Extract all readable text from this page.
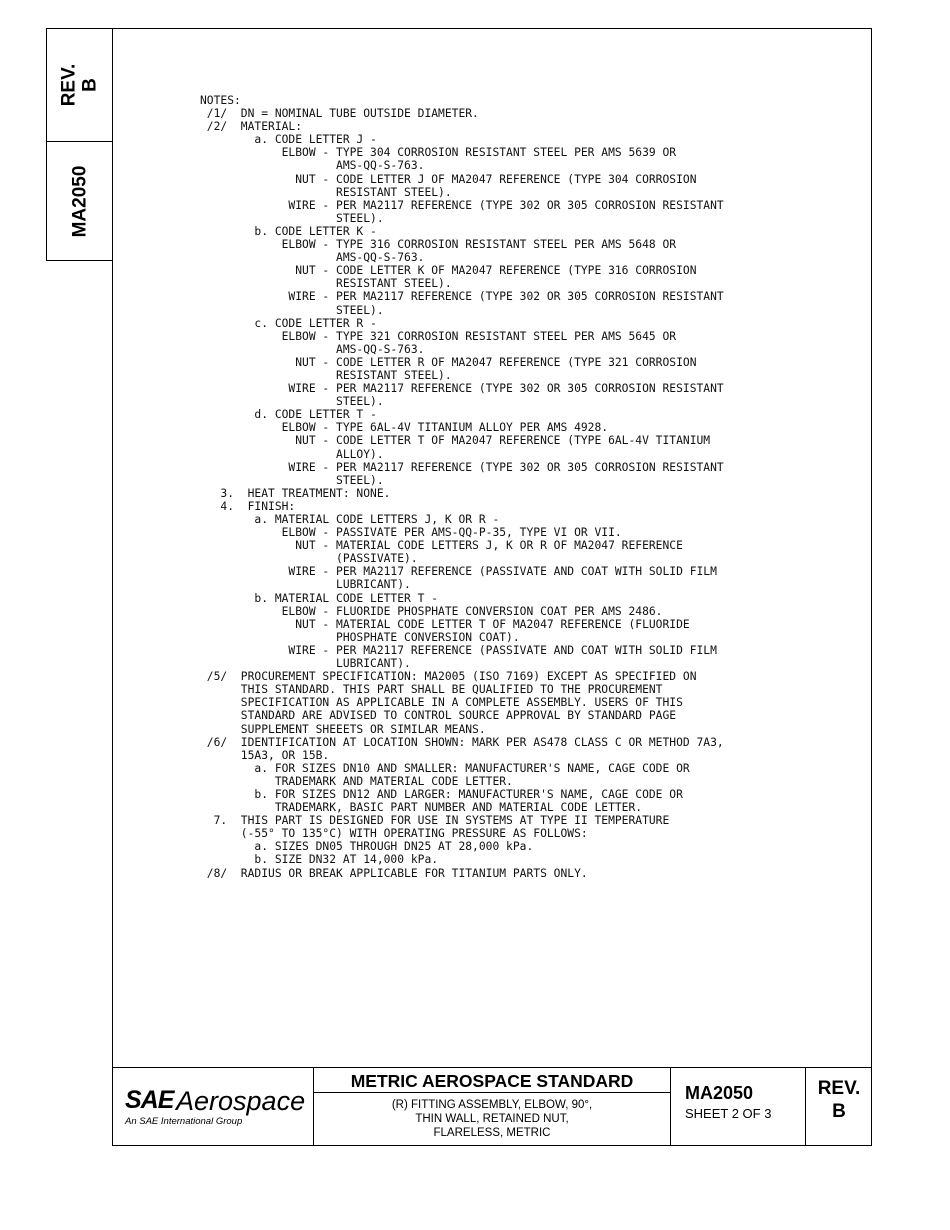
REV. B
MA2050
NOTES:
/1/  DN = NOMINAL TUBE OUTSIDE DIAMETER.
/2/  MATERIAL:
a. CODE LETTER J -
ELBOW - TYPE 304 CORROSION RESISTANT STEEL PER AMS 5639 OR
AMS-QQ-S-763.
NUT - CODE LETTER J OF MA2047 REFERENCE (TYPE 304 CORROSION
RESISTANT STEEL).
WIRE - PER MA2117 REFERENCE (TYPE 302 OR 305 CORROSION RESISTANT
STEEL).
b. CODE LETTER K -
ELBOW - TYPE 316 CORROSION RESISTANT STEEL PER AMS 5648 OR
AMS-QQ-S-763.
NUT - CODE LETTER K OF MA2047 REFERENCE (TYPE 316 CORROSION
RESISTANT STEEL).
WIRE - PER MA2117 REFERENCE (TYPE 302 OR 305 CORROSION RESISTANT
STEEL).
c. CODE LETTER R -
ELBOW - TYPE 321 CORROSION RESISTANT STEEL PER AMS 5645 OR
AMS-QQ-S-763.
NUT - CODE LETTER R OF MA2047 REFERENCE (TYPE 321 CORROSION
RESISTANT STEEL).
WIRE - PER MA2117 REFERENCE (TYPE 302 OR 305 CORROSION RESISTANT
STEEL).
d. CODE LETTER T -
ELBOW - TYPE 6AL-4V TITANIUM ALLOY PER AMS 4928.
NUT - CODE LETTER T OF MA2047 REFERENCE (TYPE 6AL-4V TITANIUM
ALLOY).
WIRE - PER MA2117 REFERENCE (TYPE 302 OR 305 CORROSION RESISTANT
STEEL).
3.  HEAT TREATMENT: NONE.
4.  FINISH:
a. MATERIAL CODE LETTERS J, K OR R -
ELBOW - PASSIVATE PER AMS-QQ-P-35, TYPE VI OR VII.
NUT - MATERIAL CODE LETTERS J, K OR R OF MA2047 REFERENCE
(PASSIVATE).
WIRE - PER MA2117 REFERENCE (PASSIVATE AND COAT WITH SOLID FILM
LUBRICANT).
b. MATERIAL CODE LETTER T -
ELBOW - FLUORIDE PHOSPHATE CONVERSION COAT PER AMS 2486.
NUT - MATERIAL CODE LETTER T OF MA2047 REFERENCE (FLUORIDE
PHOSPHATE CONVERSION COAT).
WIRE - PER MA2117 REFERENCE (PASSIVATE AND COAT WITH SOLID FILM
LUBRICANT).
/5/  PROCUREMENT SPECIFICATION: MA2005 (ISO 7169) EXCEPT AS SPECIFIED ON
THIS STANDARD. THIS PART SHALL BE QUALIFIED TO THE PROCUREMENT
SPECIFICATION AS APPLICABLE IN A COMPLETE ASSEMBLY. USERS OF THIS
STANDARD ARE ADVISED TO CONTROL SOURCE APPROVAL BY STANDARD PAGE
SUPPLEMENT SHEEETS OR SIMILAR MEANS.
/6/  IDENTIFICATION AT LOCATION SHOWN: MARK PER AS478 CLASS C OR METHOD 7A3,
15A3, OR 15B.
a. FOR SIZES DN10 AND SMALLER: MANUFACTURER'S NAME, CAGE CODE OR
TRADEMARK AND MATERIAL CODE LETTER.
b. FOR SIZES DN12 AND LARGER: MANUFACTURER'S NAME, CAGE CODE OR
TRADEMARK, BASIC PART NUMBER AND MATERIAL CODE LETTER.
7.  THIS PART IS DESIGNED FOR USE IN SYSTEMS AT TYPE II TEMPERATURE
(-55° TO 135°C) WITH OPERATING PRESSURE AS FOLLOWS:
a. SIZES DN05 THROUGH DN25 AT 28,000 kPa.
b. SIZE DN32 AT 14,000 kPa.
/8/  RADIUS OR BREAK APPLICABLE FOR TITANIUM PARTS ONLY.
SAE Aerospace
An SAE International Group
METRIC AEROSPACE STANDARD
(R) FITTING ASSEMBLY, ELBOW, 90°,
THIN WALL, RETAINED NUT,
FLARELESS, METRIC
MA2050
SHEET 2 OF 3
REV.
B
